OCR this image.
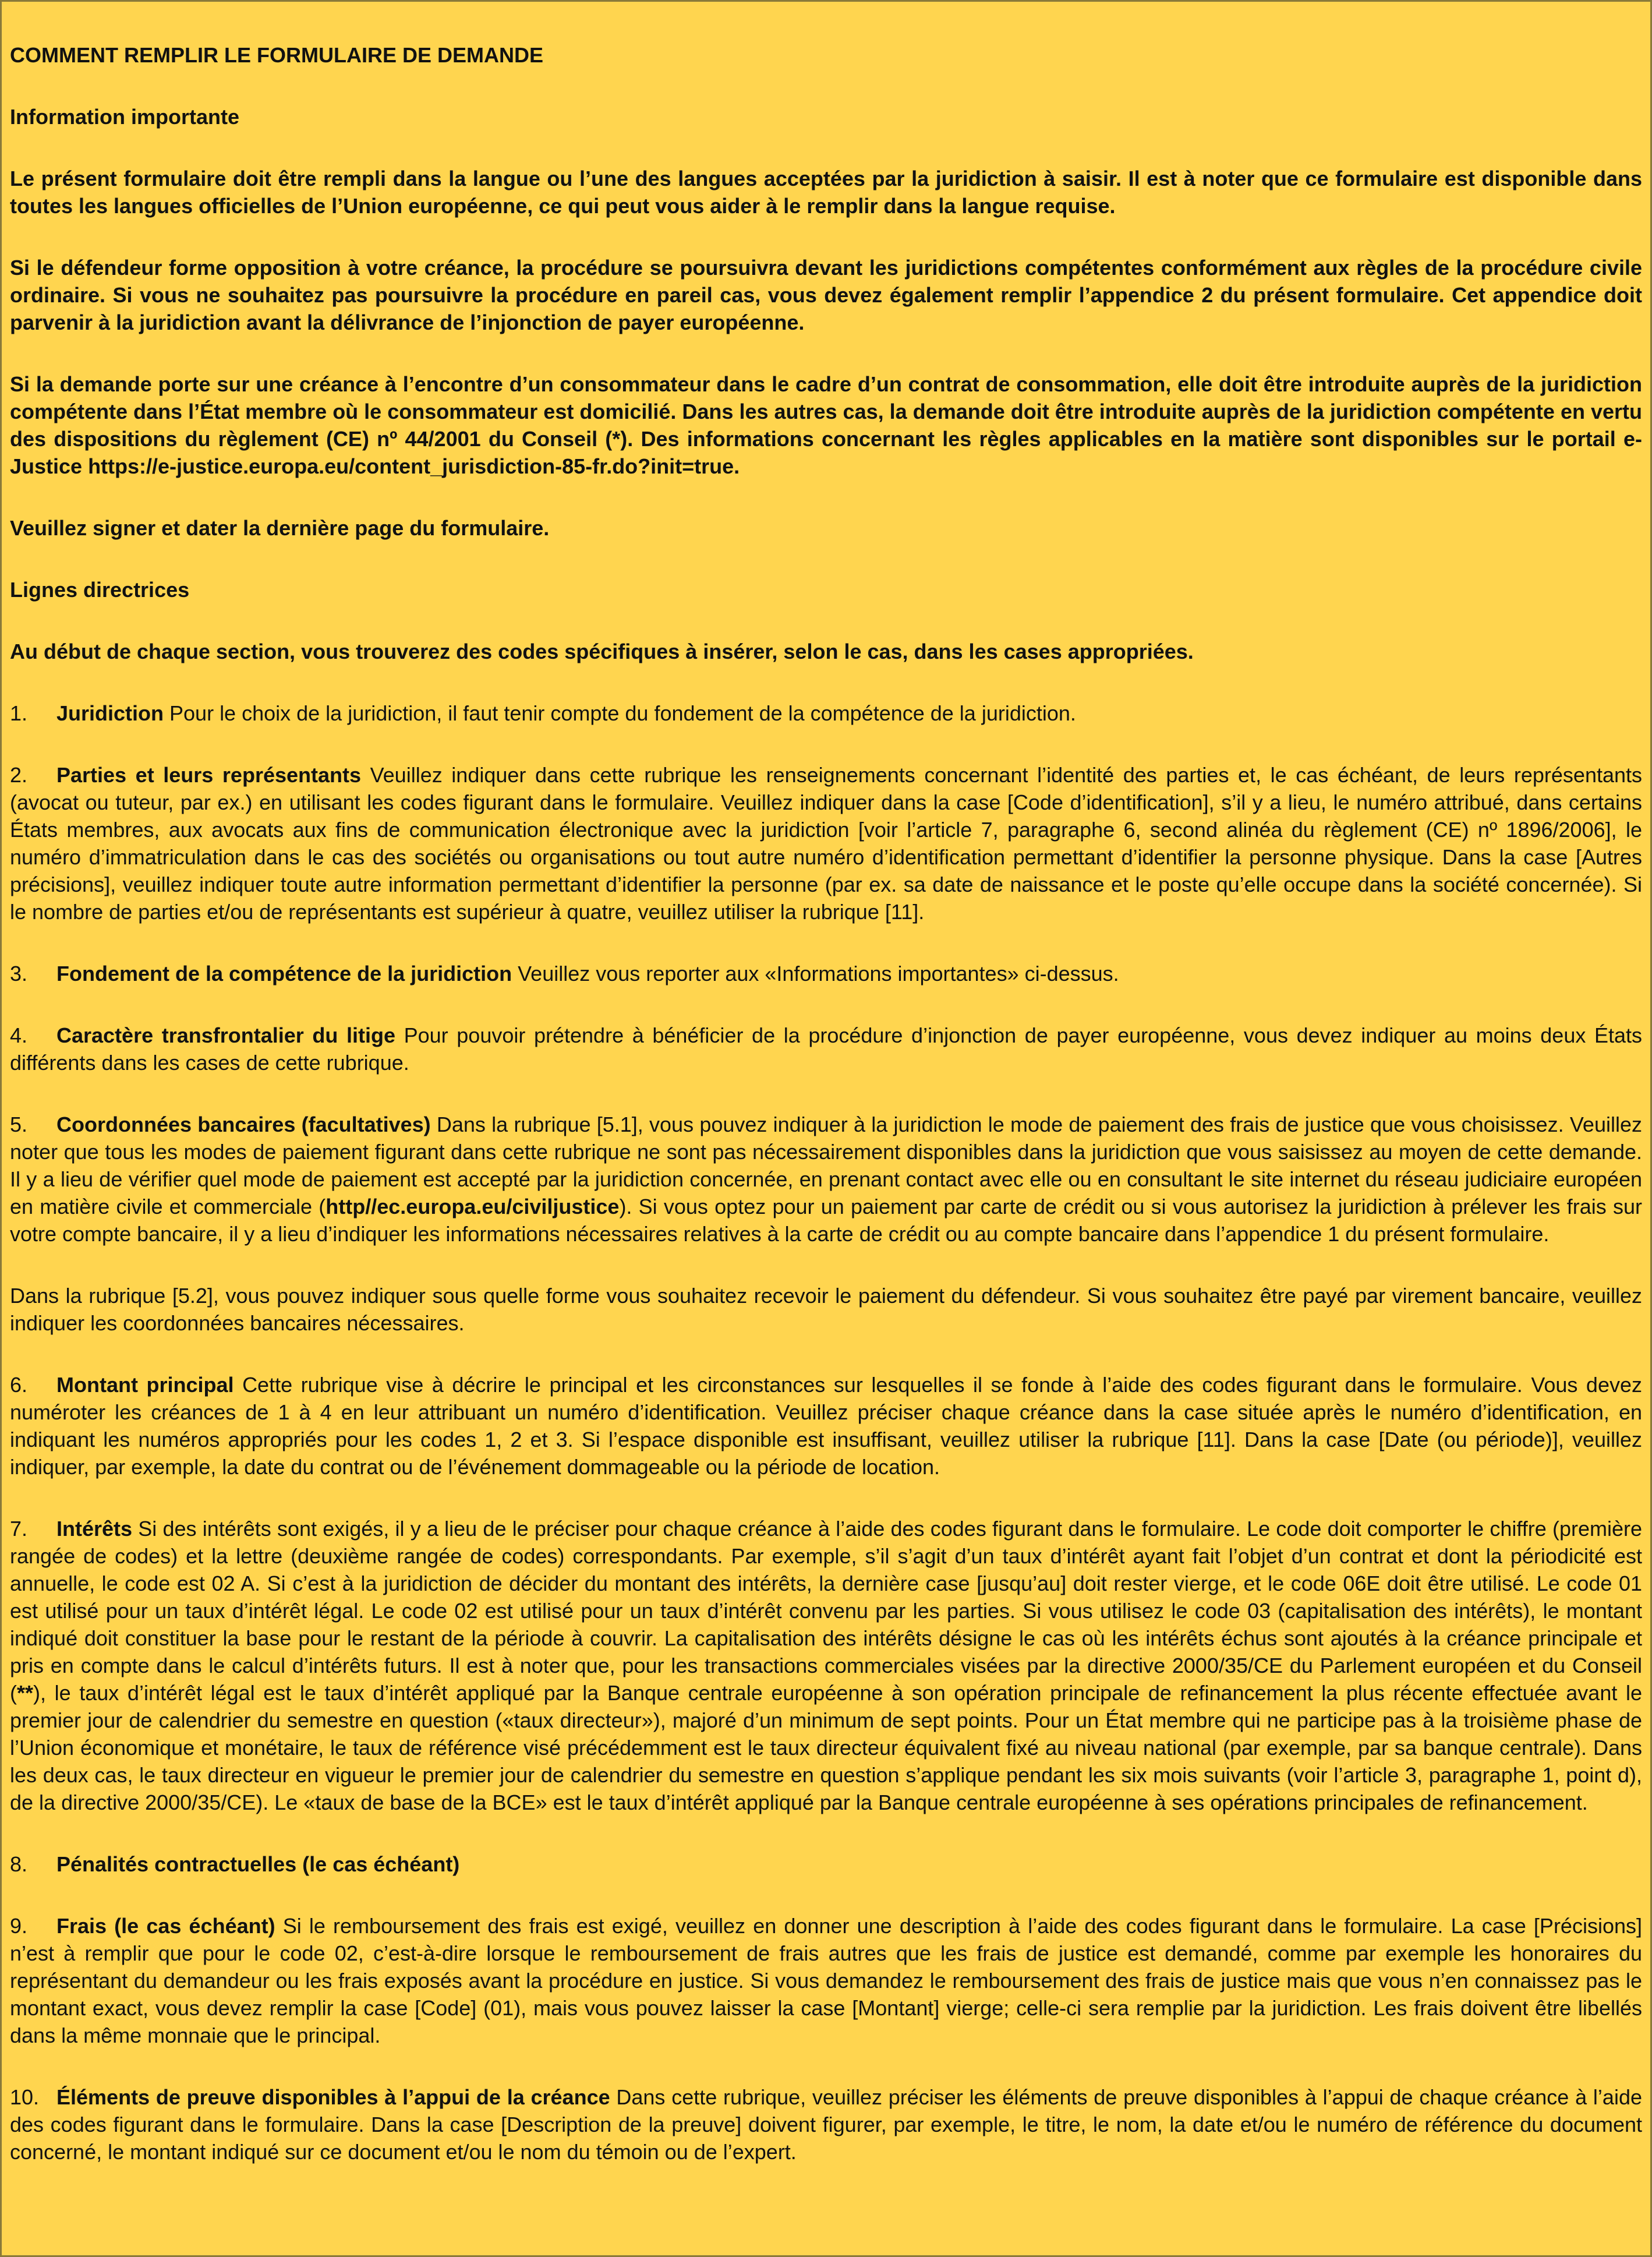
COMMENT REMPLIR LE FORMULAIRE DE DEMANDE

Information importante

Le présent formulaire doit être rempli dans la langue ou l’une des langues acceptées par la juridiction à saisir. Il est à noter que ce formulaire est disponible dans toutes les langues officielles de l’Union européenne, ce qui peut vous aider à le remplir dans la langue requise.

Si le défendeur forme opposition à votre créance, la procédure se poursuivra devant les juridictions compétentes conformément aux règles de la procédure civile ordinaire. Si vous ne souhaitez pas poursuivre la procédure en pareil cas, vous devez également remplir l’appendice 2 du présent formulaire. Cet appendice doit parvenir à la juridiction avant la délivrance de l’injonction de payer européenne.

Si la demande porte sur une créance à l’encontre d’un consommateur dans le cadre d’un contrat de consommation, elle doit être introduite auprès de la juridiction compétente dans l’État membre où le consommateur est domicilié. Dans les autres cas, la demande doit être introduite auprès de la juridiction compétente en vertu des dispositions du règlement (CE) nº 44/2001 du Conseil (*). Des informations concernant les règles applicables en la matière sont disponibles sur le portail e-Justice https://e-justice.europa.eu/content_jurisdiction-85-fr.do?init=true.

Veuillez signer et dater la dernière page du formulaire.

Lignes directrices

Au début de chaque section, vous trouverez des codes spécifiques à insérer, selon le cas, dans les cases appropriées.

1. Juridiction Pour le choix de la juridiction, il faut tenir compte du fondement de la compétence de la juridiction.

2. Parties et leurs représentants Veuillez indiquer dans cette rubrique les renseignements concernant l’identité des parties et, le cas échéant, de leurs représentants (avocat ou tuteur, par ex.) en utilisant les codes figurant dans le formulaire. Veuillez indiquer dans la case [Code d’identification], s’il y a lieu, le numéro attribué, dans certains États membres, aux avocats aux fins de communication électronique avec la juridiction [voir l’article 7, paragraphe 6, second alinéa du règlement (CE) nº 1896/2006], le numéro d’immatriculation dans le cas des sociétés ou organisations ou tout autre numéro d’identification permettant d’identifier la personne physique. Dans la case [Autres précisions], veuillez indiquer toute autre information permettant d’identifier la personne (par ex. sa date de naissance et le poste qu’elle occupe dans la société concernée). Si le nombre de parties et/ou de représentants est supérieur à quatre, veuillez utiliser la rubrique [11].

3. Fondement de la compétence de la juridiction Veuillez vous reporter aux «Informations importantes» ci-dessus.

4. Caractère transfrontalier du litige Pour pouvoir prétendre à bénéficier de la procédure d’injonction de payer européenne, vous devez indiquer au moins deux États différents dans les cases de cette rubrique.

5. Coordonnées bancaires (facultatives) Dans la rubrique [5.1], vous pouvez indiquer à la juridiction le mode de paiement des frais de justice que vous choisissez. Veuillez noter que tous les modes de paiement figurant dans cette rubrique ne sont pas nécessairement disponibles dans la juridiction que vous saisissez au moyen de cette demande. Il y a lieu de vérifier quel mode de paiement est accepté par la juridiction concernée, en prenant contact avec elle ou en consultant le site internet du réseau judiciaire européen en matière civile et commerciale (http//ec.europa.eu/civiljustice). Si vous optez pour un paiement par carte de crédit ou si vous autorisez la juridiction à prélever les frais sur votre compte bancaire, il y a lieu d’indiquer les informations nécessaires relatives à la carte de crédit ou au compte bancaire dans l’appendice 1 du présent formulaire.

Dans la rubrique [5.2], vous pouvez indiquer sous quelle forme vous souhaitez recevoir le paiement du défendeur. Si vous souhaitez être payé par virement bancaire, veuillez indiquer les coordonnées bancaires nécessaires.

6. Montant principal Cette rubrique vise à décrire le principal et les circonstances sur lesquelles il se fonde à l’aide des codes figurant dans le formulaire. Vous devez numéroter les créances de 1 à 4 en leur attribuant un numéro d’identification. Veuillez préciser chaque créance dans la case située après le numéro d’identification, en indiquant les numéros appropriés pour les codes 1, 2 et 3. Si l’espace disponible est insuffisant, veuillez utiliser la rubrique [11]. Dans la case [Date (ou période)], veuillez indiquer, par exemple, la date du contrat ou de l’événement dommageable ou la période de location.

7. Intérêts Si des intérêts sont exigés, il y a lieu de le préciser pour chaque créance à l’aide des codes figurant dans le formulaire. Le code doit comporter le chiffre (première rangée de codes) et la lettre (deuxième rangée de codes) correspondants. Par exemple, s’il s’agit d’un taux d’intérêt ayant fait l’objet d’un contrat et dont la périodicité est annuelle, le code est 02 A. Si c’est à la juridiction de décider du montant des intérêts, la dernière case [jusqu’au] doit rester vierge, et le code 06E doit être utilisé. Le code 01 est utilisé pour un taux d’intérêt légal. Le code 02 est utilisé pour un taux d’intérêt convenu par les parties. Si vous utilisez le code 03 (capitalisation des intérêts), le montant indiqué doit constituer la base pour le restant de la période à couvrir. La capitalisation des intérêts désigne le cas où les intérêts échus sont ajoutés à la créance principale et pris en compte dans le calcul d’intérêts futurs. Il est à noter que, pour les transactions commerciales visées par la directive 2000/35/CE du Parlement européen et du Conseil (**), le taux d’intérêt légal est le taux d’intérêt appliqué par la Banque centrale européenne à son opération principale de refinancement la plus récente effectuée avant le premier jour de calendrier du semestre en question («taux directeur»), majoré d’un minimum de sept points. Pour un État membre qui ne participe pas à la troisième phase de l’Union économique et monétaire, le taux de référence visé précédemment est le taux directeur équivalent fixé au niveau national (par exemple, par sa banque centrale). Dans les deux cas, le taux directeur en vigueur le premier jour de calendrier du semestre en question s’applique pendant les six mois suivants (voir l’article 3, paragraphe 1, point d), de la directive 2000/35/CE). Le «taux de base de la BCE» est le taux d’intérêt appliqué par la Banque centrale européenne à ses opérations principales de refinancement.

8. Pénalités contractuelles (le cas échéant)

9. Frais (le cas échéant) Si le remboursement des frais est exigé, veuillez en donner une description à l’aide des codes figurant dans le formulaire. La case [Précisions] n’est à remplir que pour le code 02, c’est-à-dire lorsque le remboursement de frais autres que les frais de justice est demandé, comme par exemple les honoraires du représentant du demandeur ou les frais exposés avant la procédure en justice. Si vous demandez le remboursement des frais de justice mais que vous n’en connaissez pas le montant exact, vous devez remplir la case [Code] (01), mais vous pouvez laisser la case [Montant] vierge; celle-ci sera remplie par la juridiction. Les frais doivent être libellés dans la même monnaie que le principal.

10. Éléments de preuve disponibles à l’appui de la créance Dans cette rubrique, veuillez préciser les éléments de preuve disponibles à l’appui de chaque créance à l’aide des codes figurant dans le formulaire. Dans la case [Description de la preuve] doivent figurer, par exemple, le titre, le nom, la date et/ou le numéro de référence du document concerné, le montant indiqué sur ce document et/ou le nom du témoin ou de l’expert.
